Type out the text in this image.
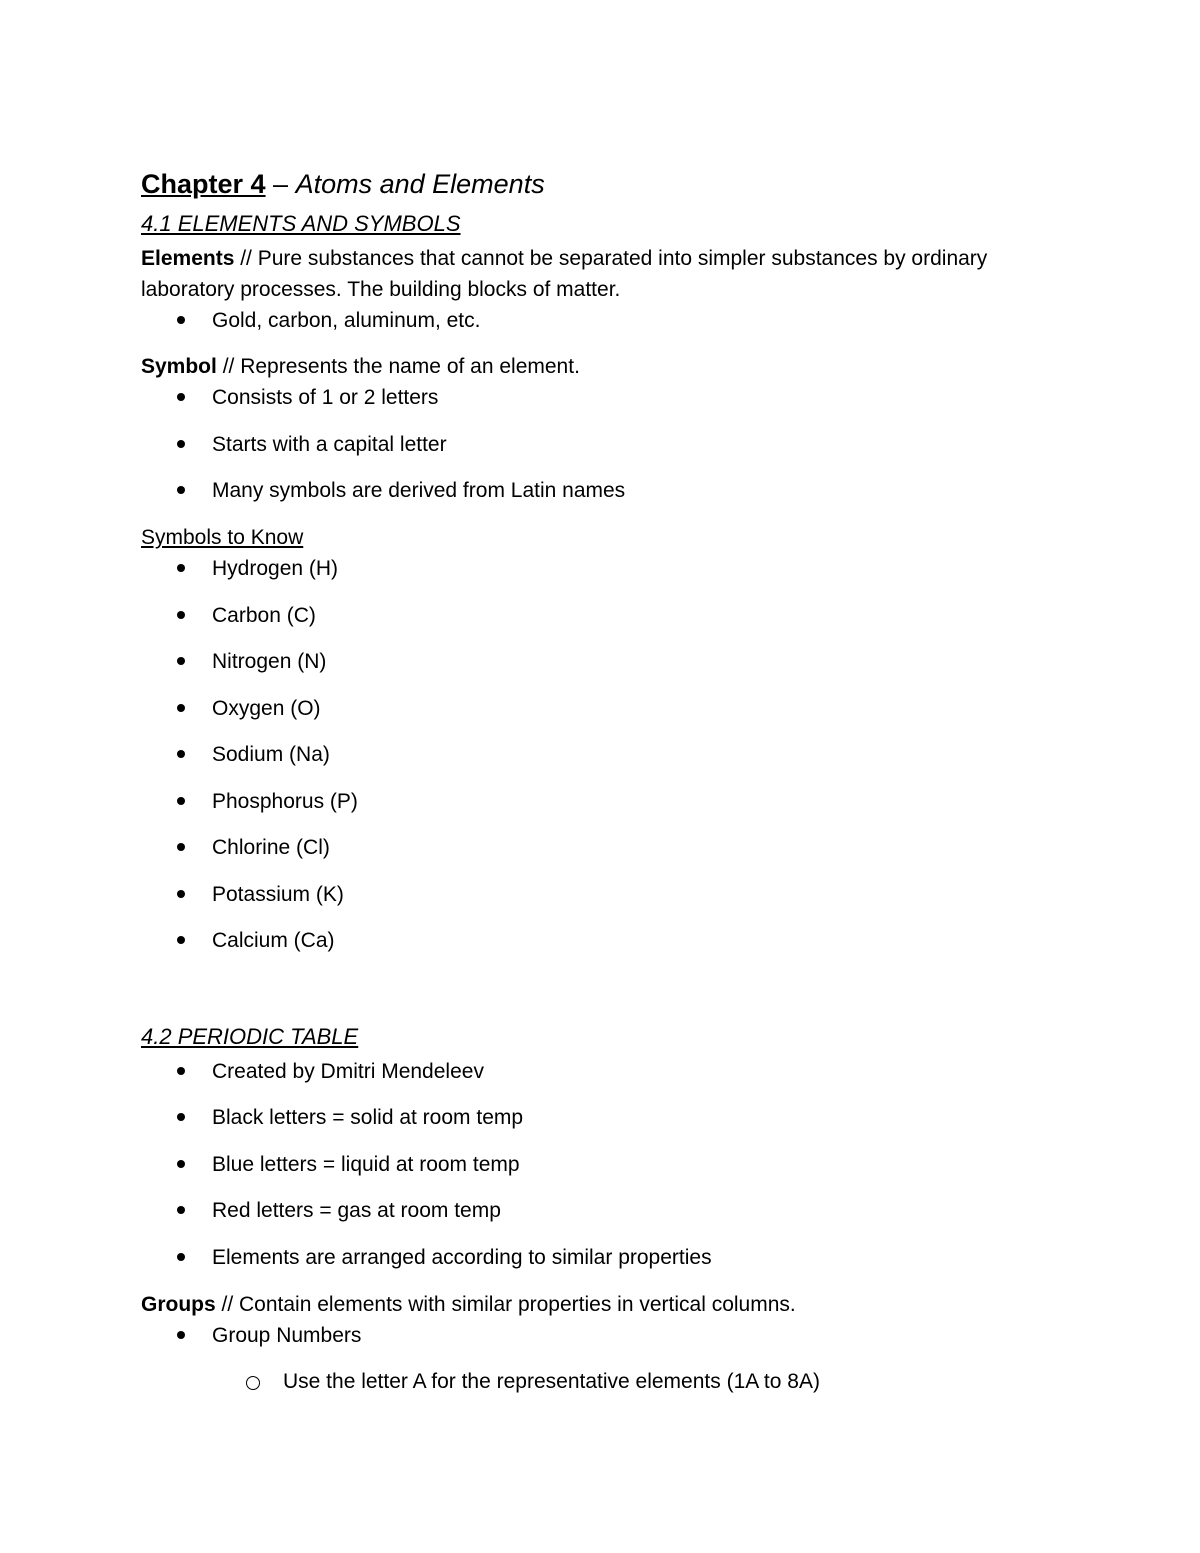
Chapter 4 – Atoms and Elements
4.1 ELEMENTS AND SYMBOLS
Elements // Pure substances that cannot be separated into simpler substances by ordinary
laboratory processes. The building blocks of matter.
Gold, carbon, aluminum, etc.
Symbol // Represents the name of an element.
Consists of 1 or 2 letters
Starts with a capital letter
Many symbols are derived from Latin names
Symbols to Know
Hydrogen (H)
Carbon (C)
Nitrogen (N)
Oxygen (O)
Sodium (Na)
Phosphorus (P)
Chlorine (Cl)
Potassium (K)
Calcium (Ca)
4.2 PERIODIC TABLE
Created by Dmitri Mendeleev
Black letters = solid at room temp
Blue letters = liquid at room temp
Red letters = gas at room temp
Elements are arranged according to similar properties
Groups // Contain elements with similar properties in vertical columns.
Group Numbers
Use the letter A for the representative elements (1A to 8A)
